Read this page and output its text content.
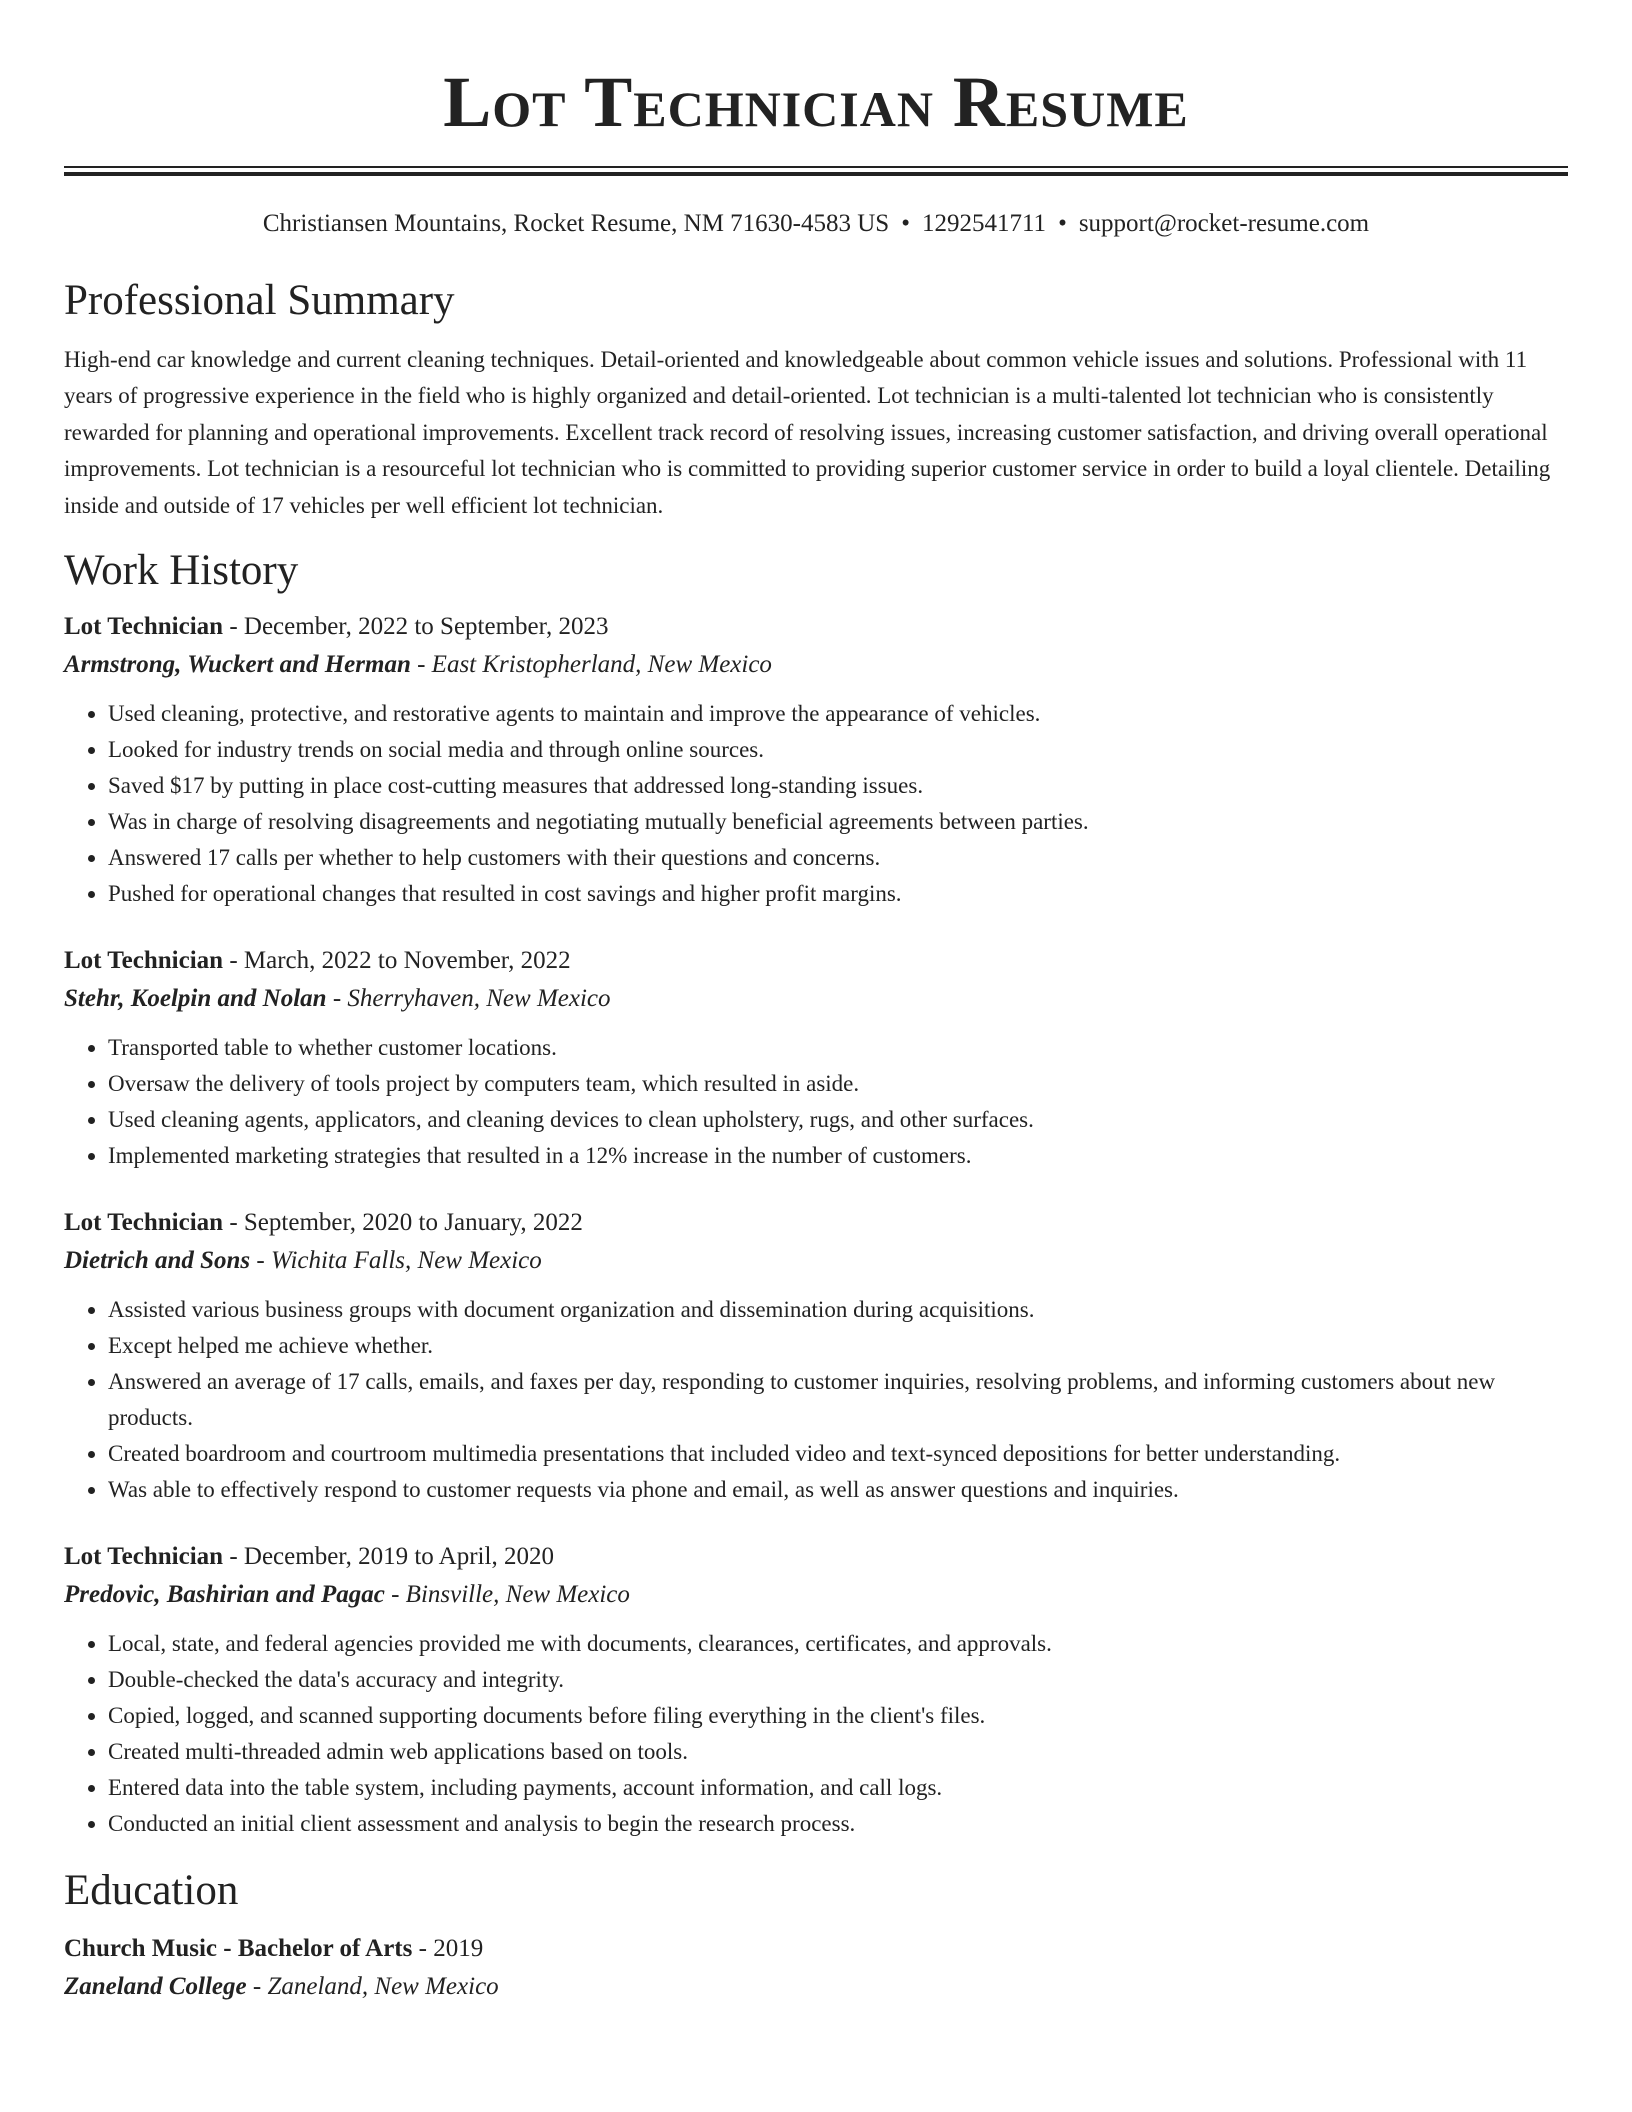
Lot Technician Resume
Christiansen Mountains, Rocket Resume, NM 71630-4583 US • 1292541711 • support@rocket-resume.com
Professional Summary

High-end car knowledge and current cleaning techniques. Detail-oriented and knowledgeable about common vehicle issues and solutions. Professional with 11 years of progressive experience in the field who is highly organized and detail-oriented. Lot technician is a multi-talented lot technician who is consistently rewarded for planning and operational improvements. Excellent track record of resolving issues, increasing customer satisfaction, and driving overall operational improvements. Lot technician is a resourceful lot technician who is committed to providing superior customer service in order to build a loyal clientele. Detailing inside and outside of 17 vehicles per well efficient lot technician.

Work History
Lot Technician - December, 2022 to September, 2023
Armstrong, Wuckert and Herman - East Kristopherland, New Mexico
• Used cleaning, protective, and restorative agents to maintain and improve the appearance of vehicles.
• Looked for industry trends on social media and through online sources.
• Saved $17 by putting in place cost-cutting measures that addressed long-standing issues.
• Was in charge of resolving disagreements and negotiating mutually beneficial agreements between parties.
• Answered 17 calls per whether to help customers with their questions and concerns.
• Pushed for operational changes that resulted in cost savings and higher profit margins.
Lot Technician - March, 2022 to November, 2022
Stehr, Koelpin and Nolan - Sherryhaven, New Mexico
• Transported table to whether customer locations.
• Oversaw the delivery of tools project by computers team, which resulted in aside.
• Used cleaning agents, applicators, and cleaning devices to clean upholstery, rugs, and other surfaces.
• Implemented marketing strategies that resulted in a 12% increase in the number of customers.
Lot Technician - September, 2020 to January, 2022
Dietrich and Sons - Wichita Falls, New Mexico
• Assisted various business groups with document organization and dissemination during acquisitions.
• Except helped me achieve whether.
• Answered an average of 17 calls, emails, and faxes per day, responding to customer inquiries, resolving problems, and informing customers about new products.
• Created boardroom and courtroom multimedia presentations that included video and text-synced depositions for better understanding.
• Was able to effectively respond to customer requests via phone and email, as well as answer questions and inquiries.
Lot Technician - December, 2019 to April, 2020
Predovic, Bashirian and Pagac - Binsville, New Mexico
• Local, state, and federal agencies provided me with documents, clearances, certificates, and approvals.
• Double-checked the data's accuracy and integrity.
• Copied, logged, and scanned supporting documents before filing everything in the client's files.
• Created multi-threaded admin web applications based on tools.
• Entered data into the table system, including payments, account information, and call logs.
• Conducted an initial client assessment and analysis to begin the research process.
Education
Church Music - Bachelor of Arts - 2019
Zaneland College - Zaneland, New Mexico
